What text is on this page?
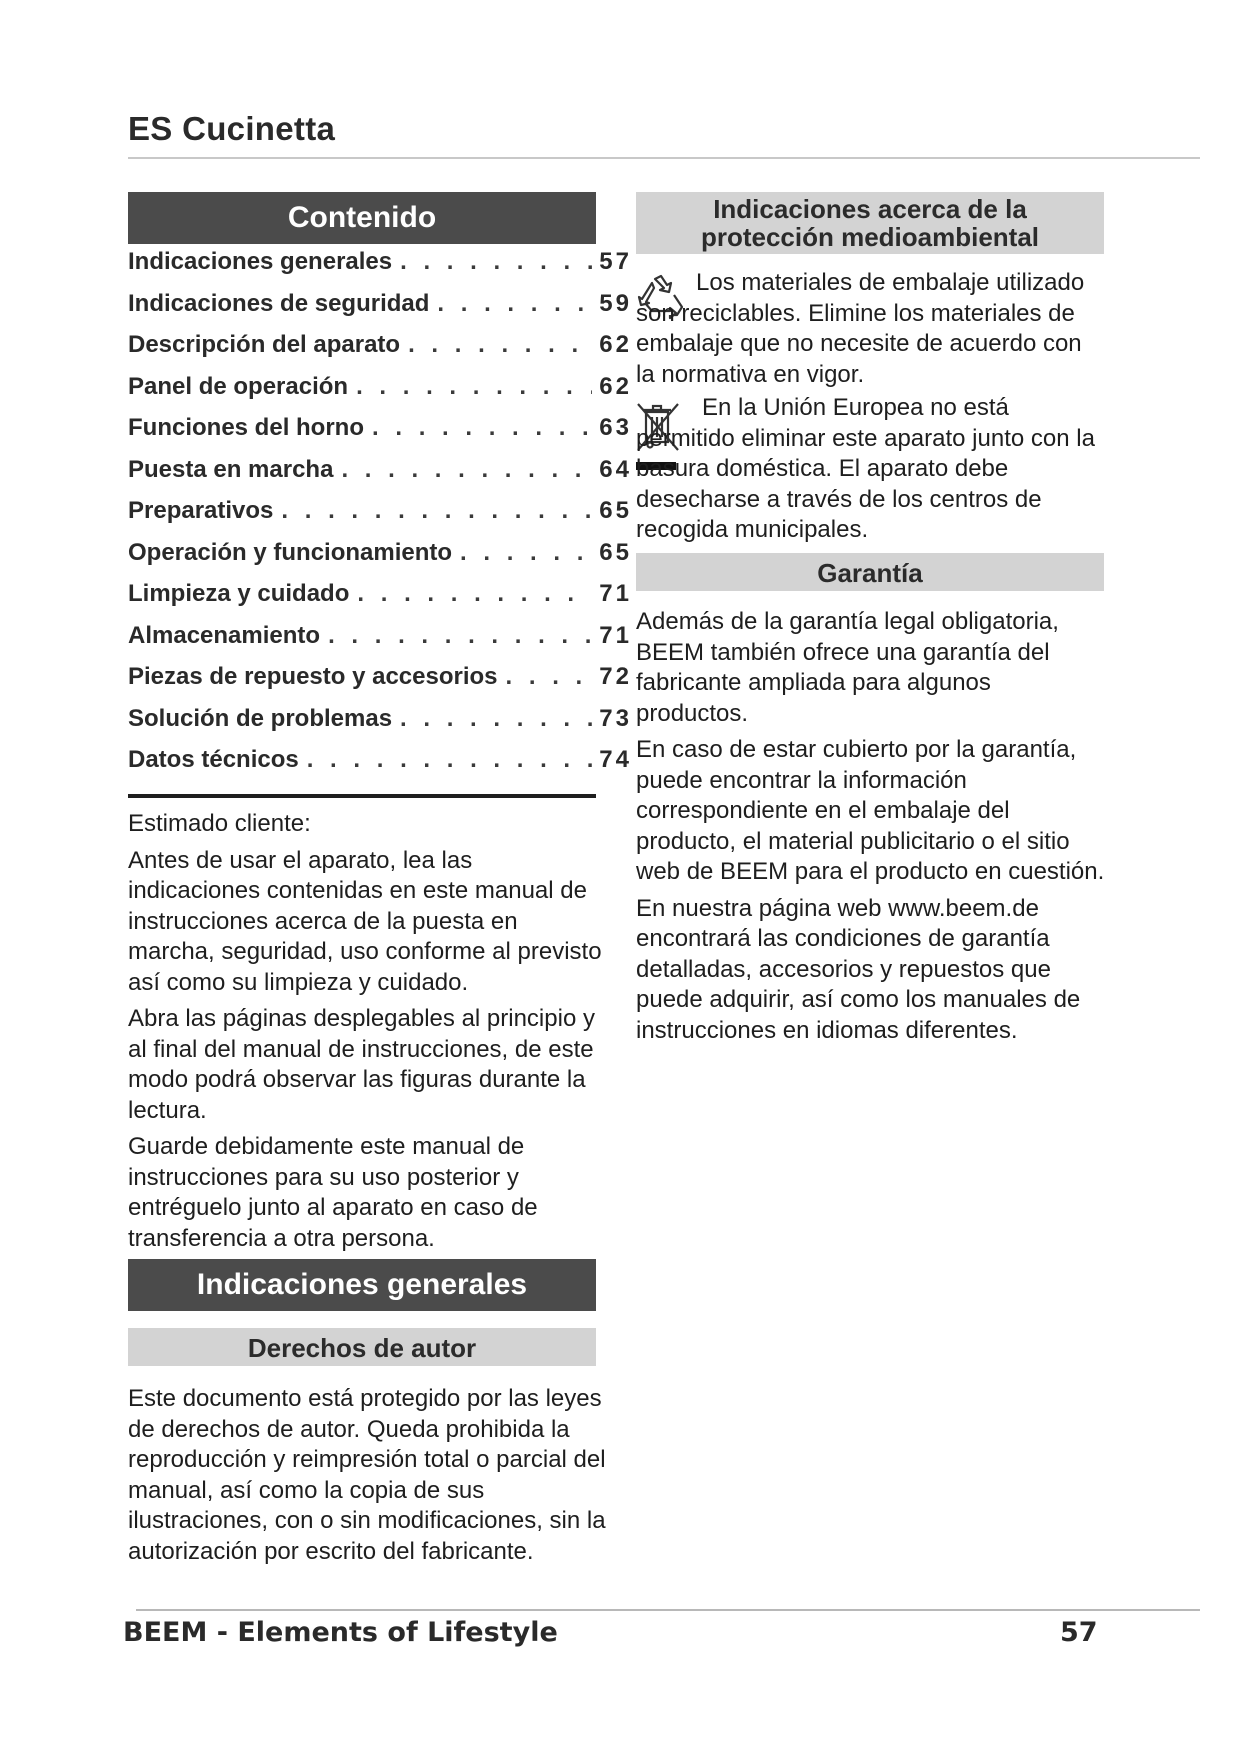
ES Cucinetta
Contenido
Indicaciones generales . . .	57
Indicaciones de seguridad . . .	59
Descripción del aparato . . .	62
Panel de operación . . .	62
Funciones del horno . . .	63
Puesta en marcha . . .	64
Preparativos . . .	65
Operación y funcionamiento . . .	65
Limpieza y cuidado . . .	71
Almacenamiento . . .	71
Piezas de repuesto y accesorios . . .	72
Solución de problemas . . .	73
Datos técnicos . . .	74

Estimado cliente:

Antes de usar el aparato, lea las indicaciones contenidas en este manual de instrucciones acerca de la puesta en marcha, seguridad, uso conforme al previsto así como su limpieza y cuidado.

Abra las páginas desplegables al principio y al final del manual de instrucciones, de este modo podrá observar las figuras durante la lectura.

Guarde debidamente este manual de instrucciones para su uso posterior y entréguelo junto al aparato en caso de transferencia a otra persona.

Indicaciones generales
Derechos de autor
Este documento está protegido por las leyes de derechos de autor. Queda prohibida la reproducción y reimpresión total o parcial del manual, así como la copia de sus ilustraciones, con o sin modificaciones, sin la autorización por escrito del fabricante.
Indicaciones acerca de la
protección medioambiental
Los materiales de embalaje utilizado son reciclables. Elimine los materiales de embalaje que no necesite de acuerdo con la normativa en vigor.
En la Unión Europea no está permitido eliminar este aparato junto con la basura doméstica. El aparato debe desecharse a través de los centros de recogida municipales.
Garantía

Además de la garantía legal obligatoria, BEEM también ofrece una garantía del fabricante ampliada para algunos productos.

En caso de estar cubierto por la garantía, puede encontrar la información correspondiente en el embalaje del producto, el material publicitario o el sitio web de BEEM para el producto en cuestión.

En nuestra página web www.beem.de encontrará las condiciones de garantía detalladas, accesorios y repuestos que puede adquirir, así como los manuales de instrucciones en idiomas diferentes.

BEEM - Elements of Lifestyle	57
